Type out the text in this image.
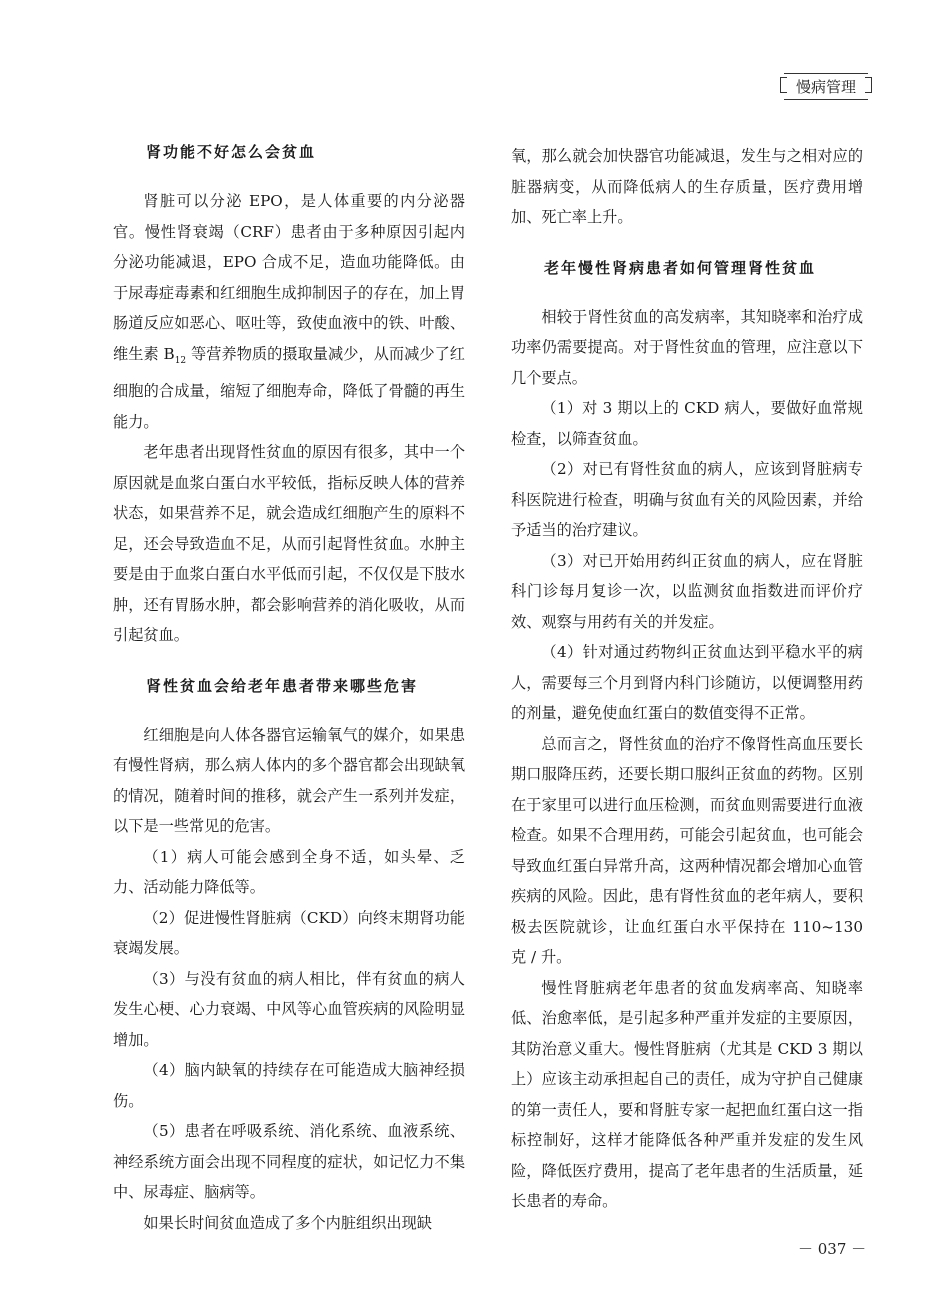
慢病管理
肾功能不好怎么会贫血

肾脏可以分泌 EPO，是人体重要的内分泌器官。慢性肾衰竭（CRF）患者由于多种原因引起内分泌功能减退，EPO 合成不足，造血功能降低。由于尿毒症毒素和红细胞生成抑制因子的存在，加上胃肠道反应如恶心、呕吐等，致使血液中的铁、叶酸、维生素 $B_{12}$ 等营养物质的摄取量减少，从而减少了红细胞的合成量，缩短了细胞寿命，降低了骨髓的再生能力。

老年患者出现肾性贫血的原因有很多，其中一个原因就是血浆白蛋白水平较低，指标反映人体的营养状态，如果营养不足，就会造成红细胞产生的原料不足，还会导致造血不足，从而引起肾性贫血。水肿主要是由于血浆白蛋白水平低而引起，不仅仅是下肢水肿，还有胃肠水肿，都会影响营养的消化吸收，从而引起贫血。

肾性贫血会给老年患者带来哪些危害

红细胞是向人体各器官运输氧气的媒介，如果患有慢性肾病，那么病人体内的多个器官都会出现缺氧的情况，随着时间的推移，就会产生一系列并发症，以下是一些常见的危害。

（1）病人可能会感到全身不适，如头晕、乏力、活动能力降低等。

（2）促进慢性肾脏病（CKD）向终末期肾功能衰竭发展。

（3）与没有贫血的病人相比，伴有贫血的病人发生心梗、心力衰竭、中风等心血管疾病的风险明显增加。

（4）脑内缺氧的持续存在可能造成大脑神经损伤。

（5）患者在呼吸系统、消化系统、血液系统、神经系统方面会出现不同程度的症状，如记忆力不集中、尿毒症、脑病等。

如果长时间贫血造成了多个内脏组织出现缺

氧，那么就会加快器官功能减退，发生与之相对应的脏器病变，从而降低病人的生存质量，医疗费用增加、死亡率上升。

老年慢性肾病患者如何管理肾性贫血

相较于肾性贫血的高发病率，其知晓率和治疗成功率仍需要提高。对于肾性贫血的管理，应注意以下几个要点。

（1）对 3 期以上的 CKD 病人，要做好血常规检查，以筛查贫血。

（2）对已有肾性贫血的病人，应该到肾脏病专科医院进行检查，明确与贫血有关的风险因素，并给予适当的治疗建议。

（3）对已开始用药纠正贫血的病人，应在肾脏科门诊每月复诊一次，以监测贫血指数进而评价疗效、观察与用药有关的并发症。

（4）针对通过药物纠正贫血达到平稳水平的病人，需要每三个月到肾内科门诊随访，以便调整用药的剂量，避免使血红蛋白的数值变得不正常。

总而言之，肾性贫血的治疗不像肾性高血压要长期口服降压药，还要长期口服纠正贫血的药物。区别在于家里可以进行血压检测，而贫血则需要进行血液检查。如果不合理用药，可能会引起贫血，也可能会导致血红蛋白异常升高，这两种情况都会增加心血管疾病的风险。因此，患有肾性贫血的老年病人，要积极去医院就诊，让血红蛋白水平保持在 110~130 克 / 升。

慢性肾脏病老年患者的贫血发病率高、知晓率低、治愈率低，是引起多种严重并发症的主要原因，其防治意义重大。慢性肾脏病（尤其是 CKD 3 期以上）应该主动承担起自己的责任，成为守护自己健康的第一责任人，要和肾脏专家一起把血红蛋白这一指标控制好，这样才能降低各种严重并发症的发生风险，降低医疗费用，提高了老年患者的生活质量，延长患者的寿命。

－ 037 －
